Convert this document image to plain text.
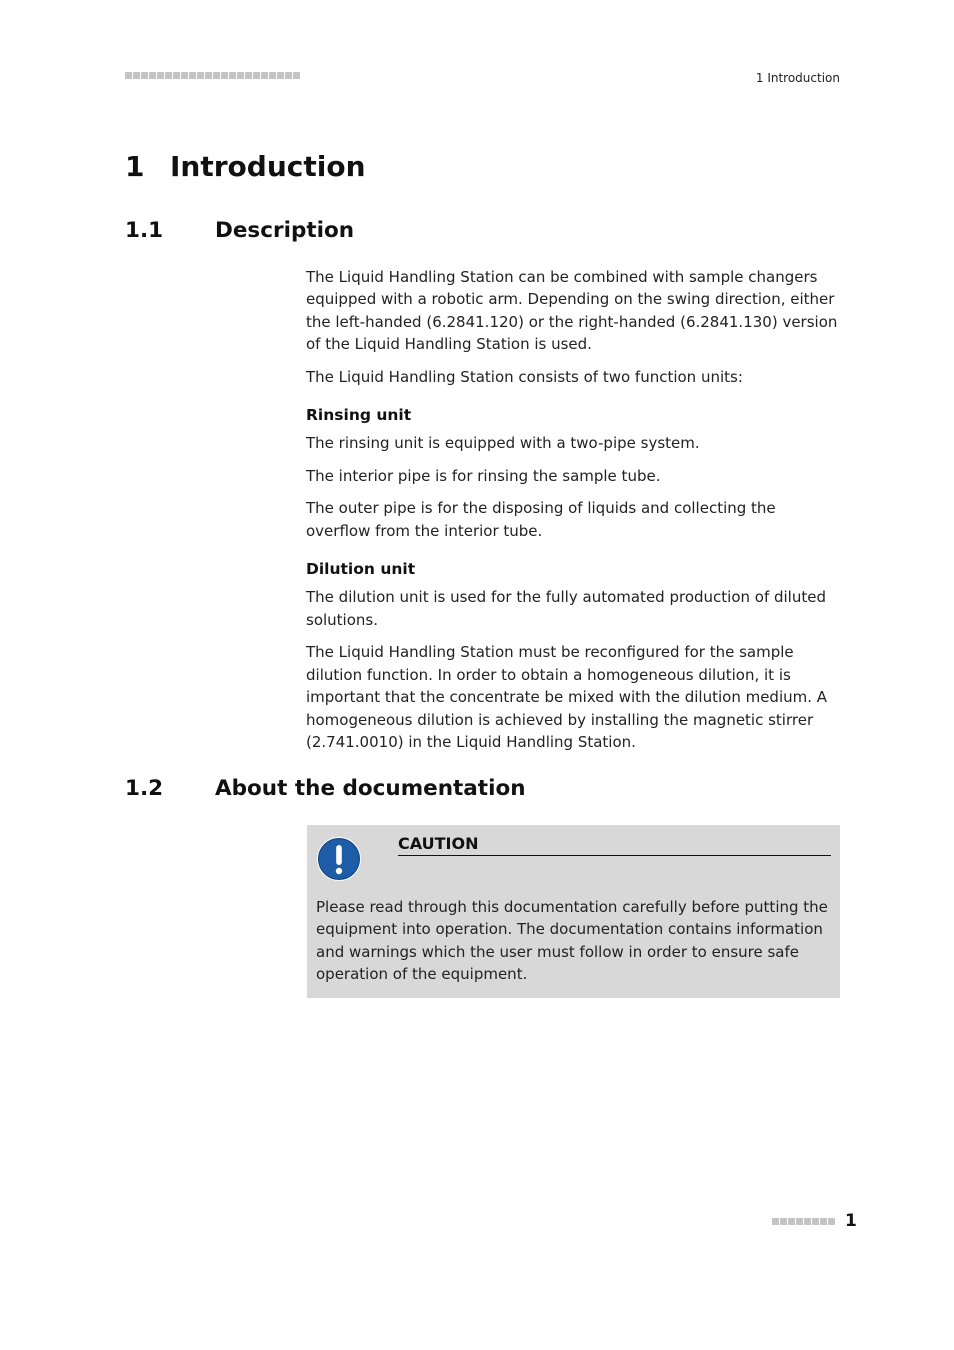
1 Introduction
1 Introduction
1.1 Description

The Liquid Handling Station can be combined with sample changers equipped with a robotic arm. Depending on the swing direction, either the left-handed (6.2841.120) or the right-handed (6.2841.130) version of the Liquid Handling Station is used.

The Liquid Handling Station consists of two function units:

Rinsing unit

The rinsing unit is equipped with a two-pipe system.

The interior pipe is for rinsing the sample tube.

The outer pipe is for the disposing of liquids and collecting the overflow from the interior tube.

Dilution unit

The dilution unit is used for the fully automated production of diluted solutions.

The Liquid Handling Station must be reconfigured for the sample dilution function. In order to obtain a homogeneous dilution, it is important that the concentrate be mixed with the dilution medium. A homogeneous dilution is achieved by installing the magnetic stirrer (2.741.0010) in the Liquid Handling Station.

1.2 About the documentation
CAUTION

Please read through this documentation carefully before putting the equipment into operation. The documentation contains information and warnings which the user must follow in order to ensure safe operation of the equipment.

1
